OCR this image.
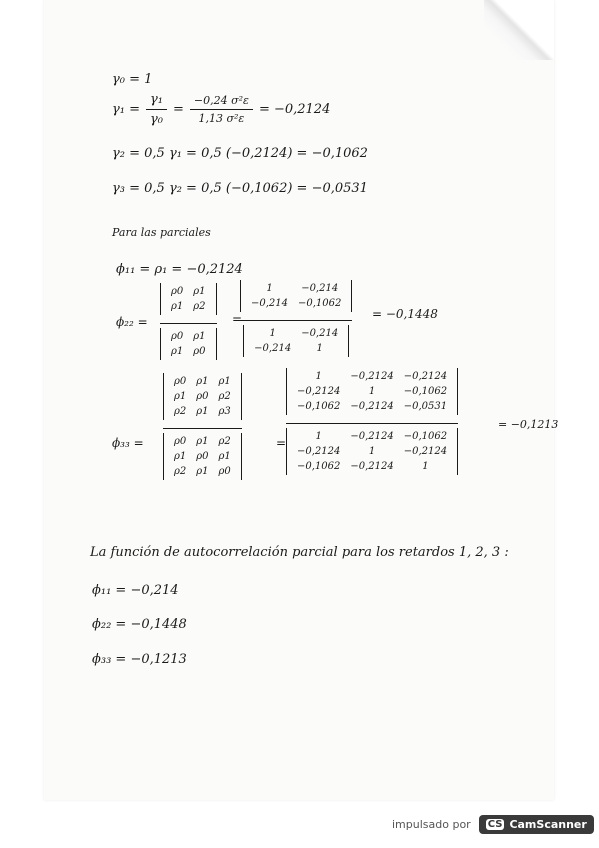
γ₀ = 1
$\gamma_1 = \frac{\text{γ₁}}{\text{γ₀}} = \frac{\text{−0,24 σ²ε}}{\text{1,13 σ²ε}} = -0,2124$
γ₂ = 0,5 γ₁ = 0,5 (−0,2124) = −0,1062
γ₃ = 0,5 γ₂ = 0,5 (−0,1062) = −0,0531
Para las parciales
ϕ₁₁ = ρ₁ = −0,2124
ϕ₂₂ =
ρ0	ρ1
ρ1	ρ2
ρ0	ρ1
ρ1	ρ0
=
1	−0,214
−0,214	−0,1062
1	−0,214
−0,214	1
= −0,1448
ϕ₃₃ =
ρ0	ρ1	ρ1
ρ1	ρ0	ρ2
ρ2	ρ1	ρ3
ρ0	ρ1	ρ2
ρ1	ρ0	ρ1
ρ2	ρ1	ρ0
=
1	−0,2124	−0,2124
−0,2124	1	−0,1062
−0,1062	−0,2124	−0,0531
1	−0,2124	−0,1062
−0,2124	1	−0,2124
−0,1062	−0,2124	1
= −0,1213
La función de autocorrelación parcial para los retardos 1, 2, 3 :
ϕ₁₁ = −0,214
ϕ₂₂ = −0,1448
ϕ₃₃ = −0,1213
impulsado por CS CamScanner
